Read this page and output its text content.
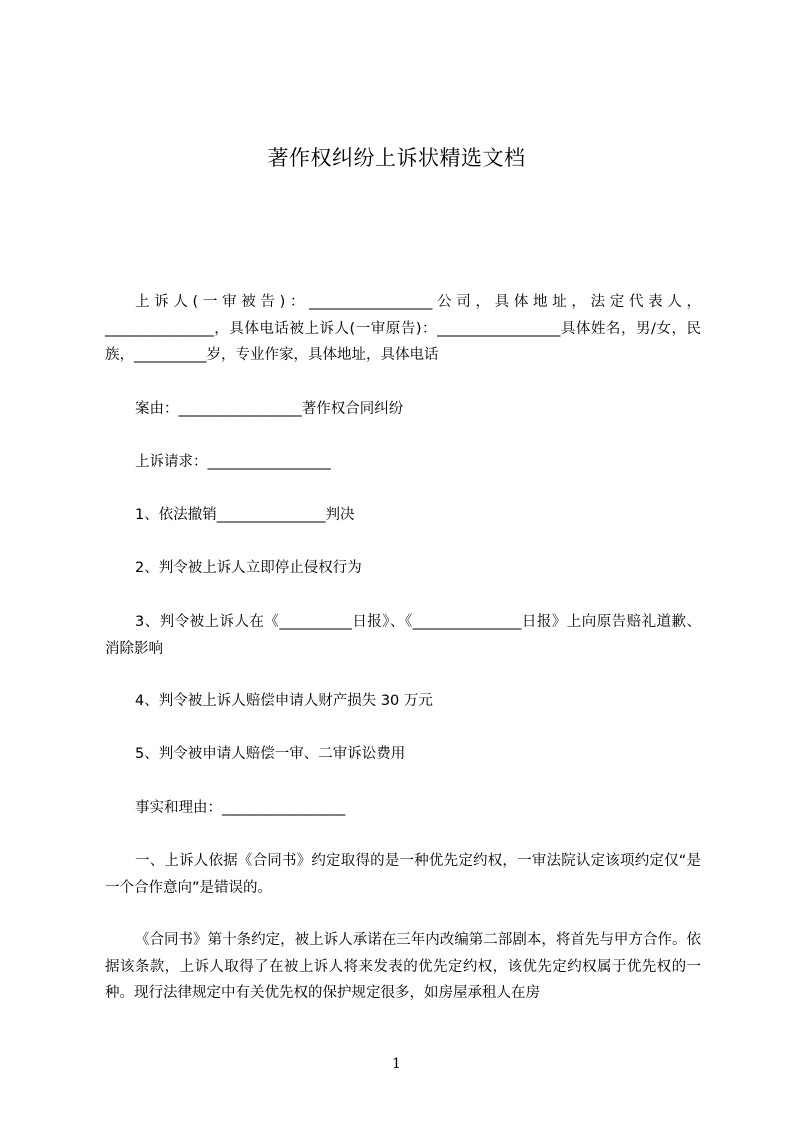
著作权纠纷上诉状精选文档
上诉人(一审被告)：_________________公司，具体地址，法定代表人，_______________，具体电话被上诉人(一审原告)：_________________具体姓名，男/女，民族，__________岁，专业作家，具体地址，具体电话
案由：_________________著作权合同纠纷
上诉请求：_________________
1、依法撤销_______________判决
2、判令被上诉人立即停止侵权行为
3、判令被上诉人在《__________日报》、《_______________日报》上向原告赔礼道歉、消除影响
4、判令被上诉人赔偿申请人财产损失 30 万元
5、判令被申请人赔偿一审、二审诉讼费用
事实和理由：_________________
一、上诉人依据《合同书》约定取得的是一种优先定约权，一审法院认定该项约定仅“是一个合作意向”是错误的。
《合同书》第十条约定，被上诉人承诺在三年内改编第二部剧本，将首先与甲方合作。依据该条款，上诉人取得了在被上诉人将来发表的优先定约权，该优先定约权属于优先权的一种。现行法律规定中有关优先权的保护规定很多，如房屋承租人在房
1
